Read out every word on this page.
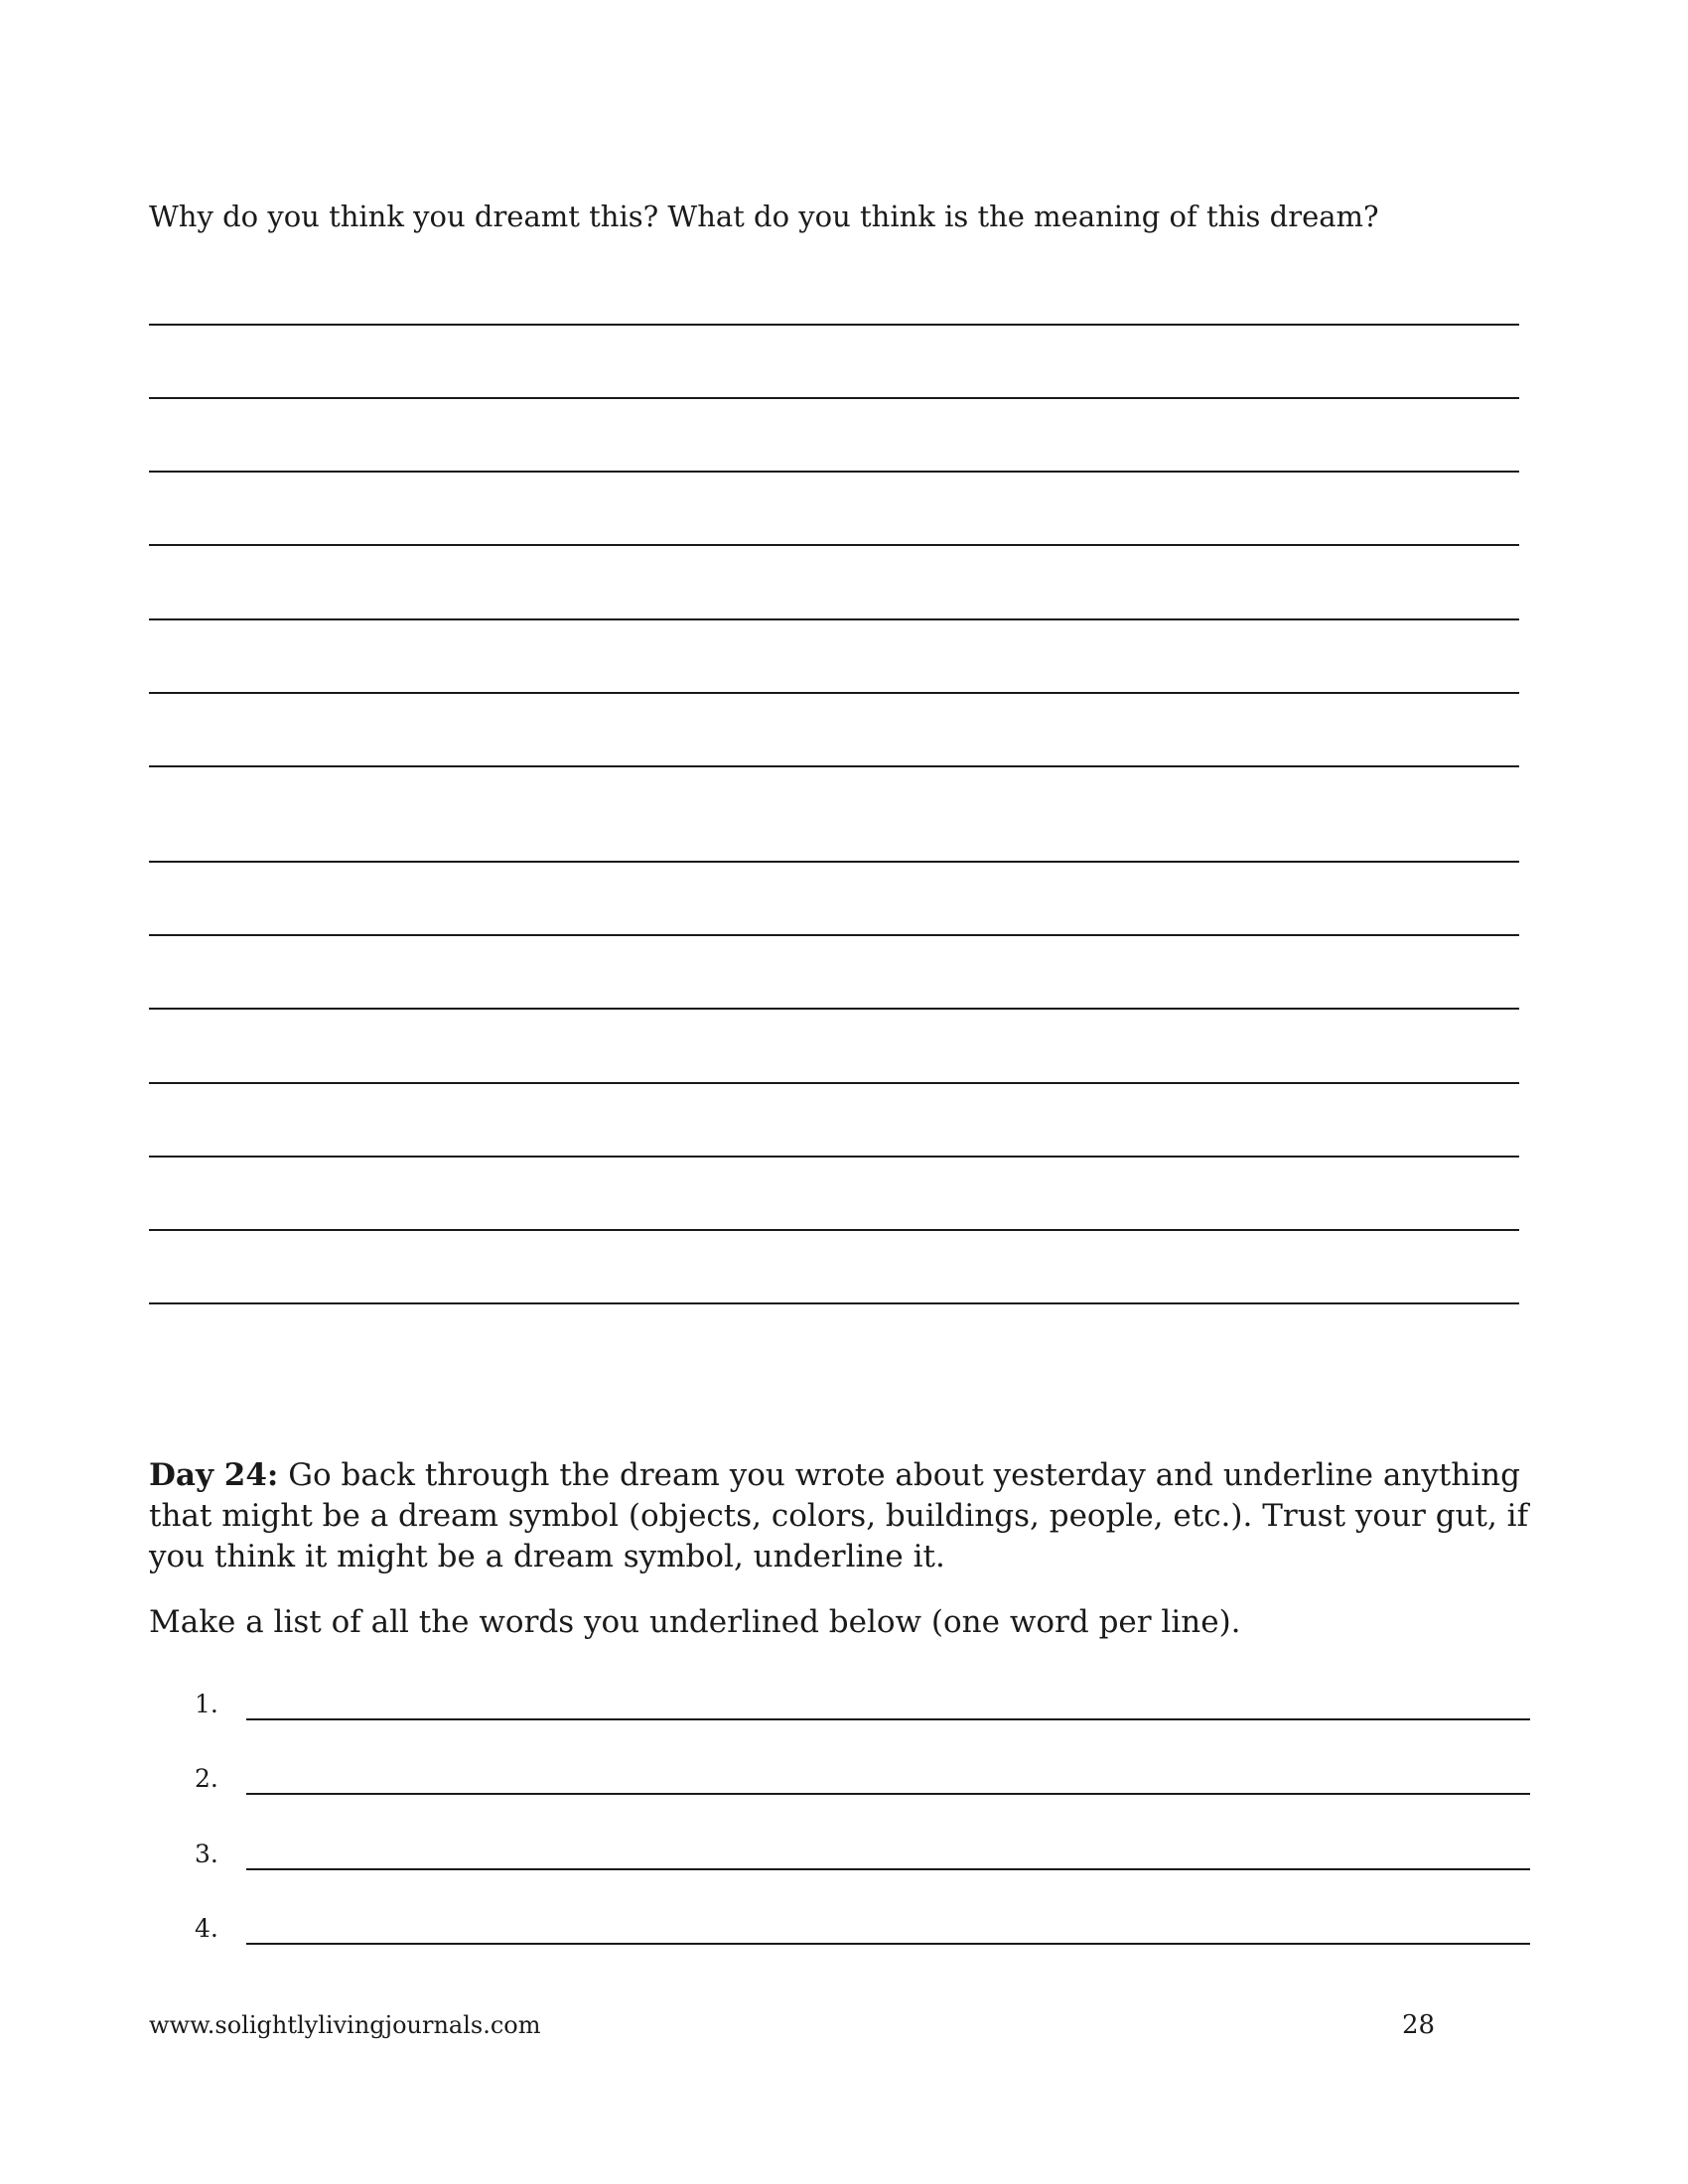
Why do you think you dreamt this? What do you think is the meaning of this dream?
Day 24: Go back through the dream you wrote about yesterday and underline anything that might be a dream symbol (objects, colors, buildings, people, etc.). Trust your gut, if you think it might be a dream symbol, underline it.
Make a list of all the words you underlined below (one word per line).
1.
2.
3.
4.
www.solightlylivingjournals.com	28
